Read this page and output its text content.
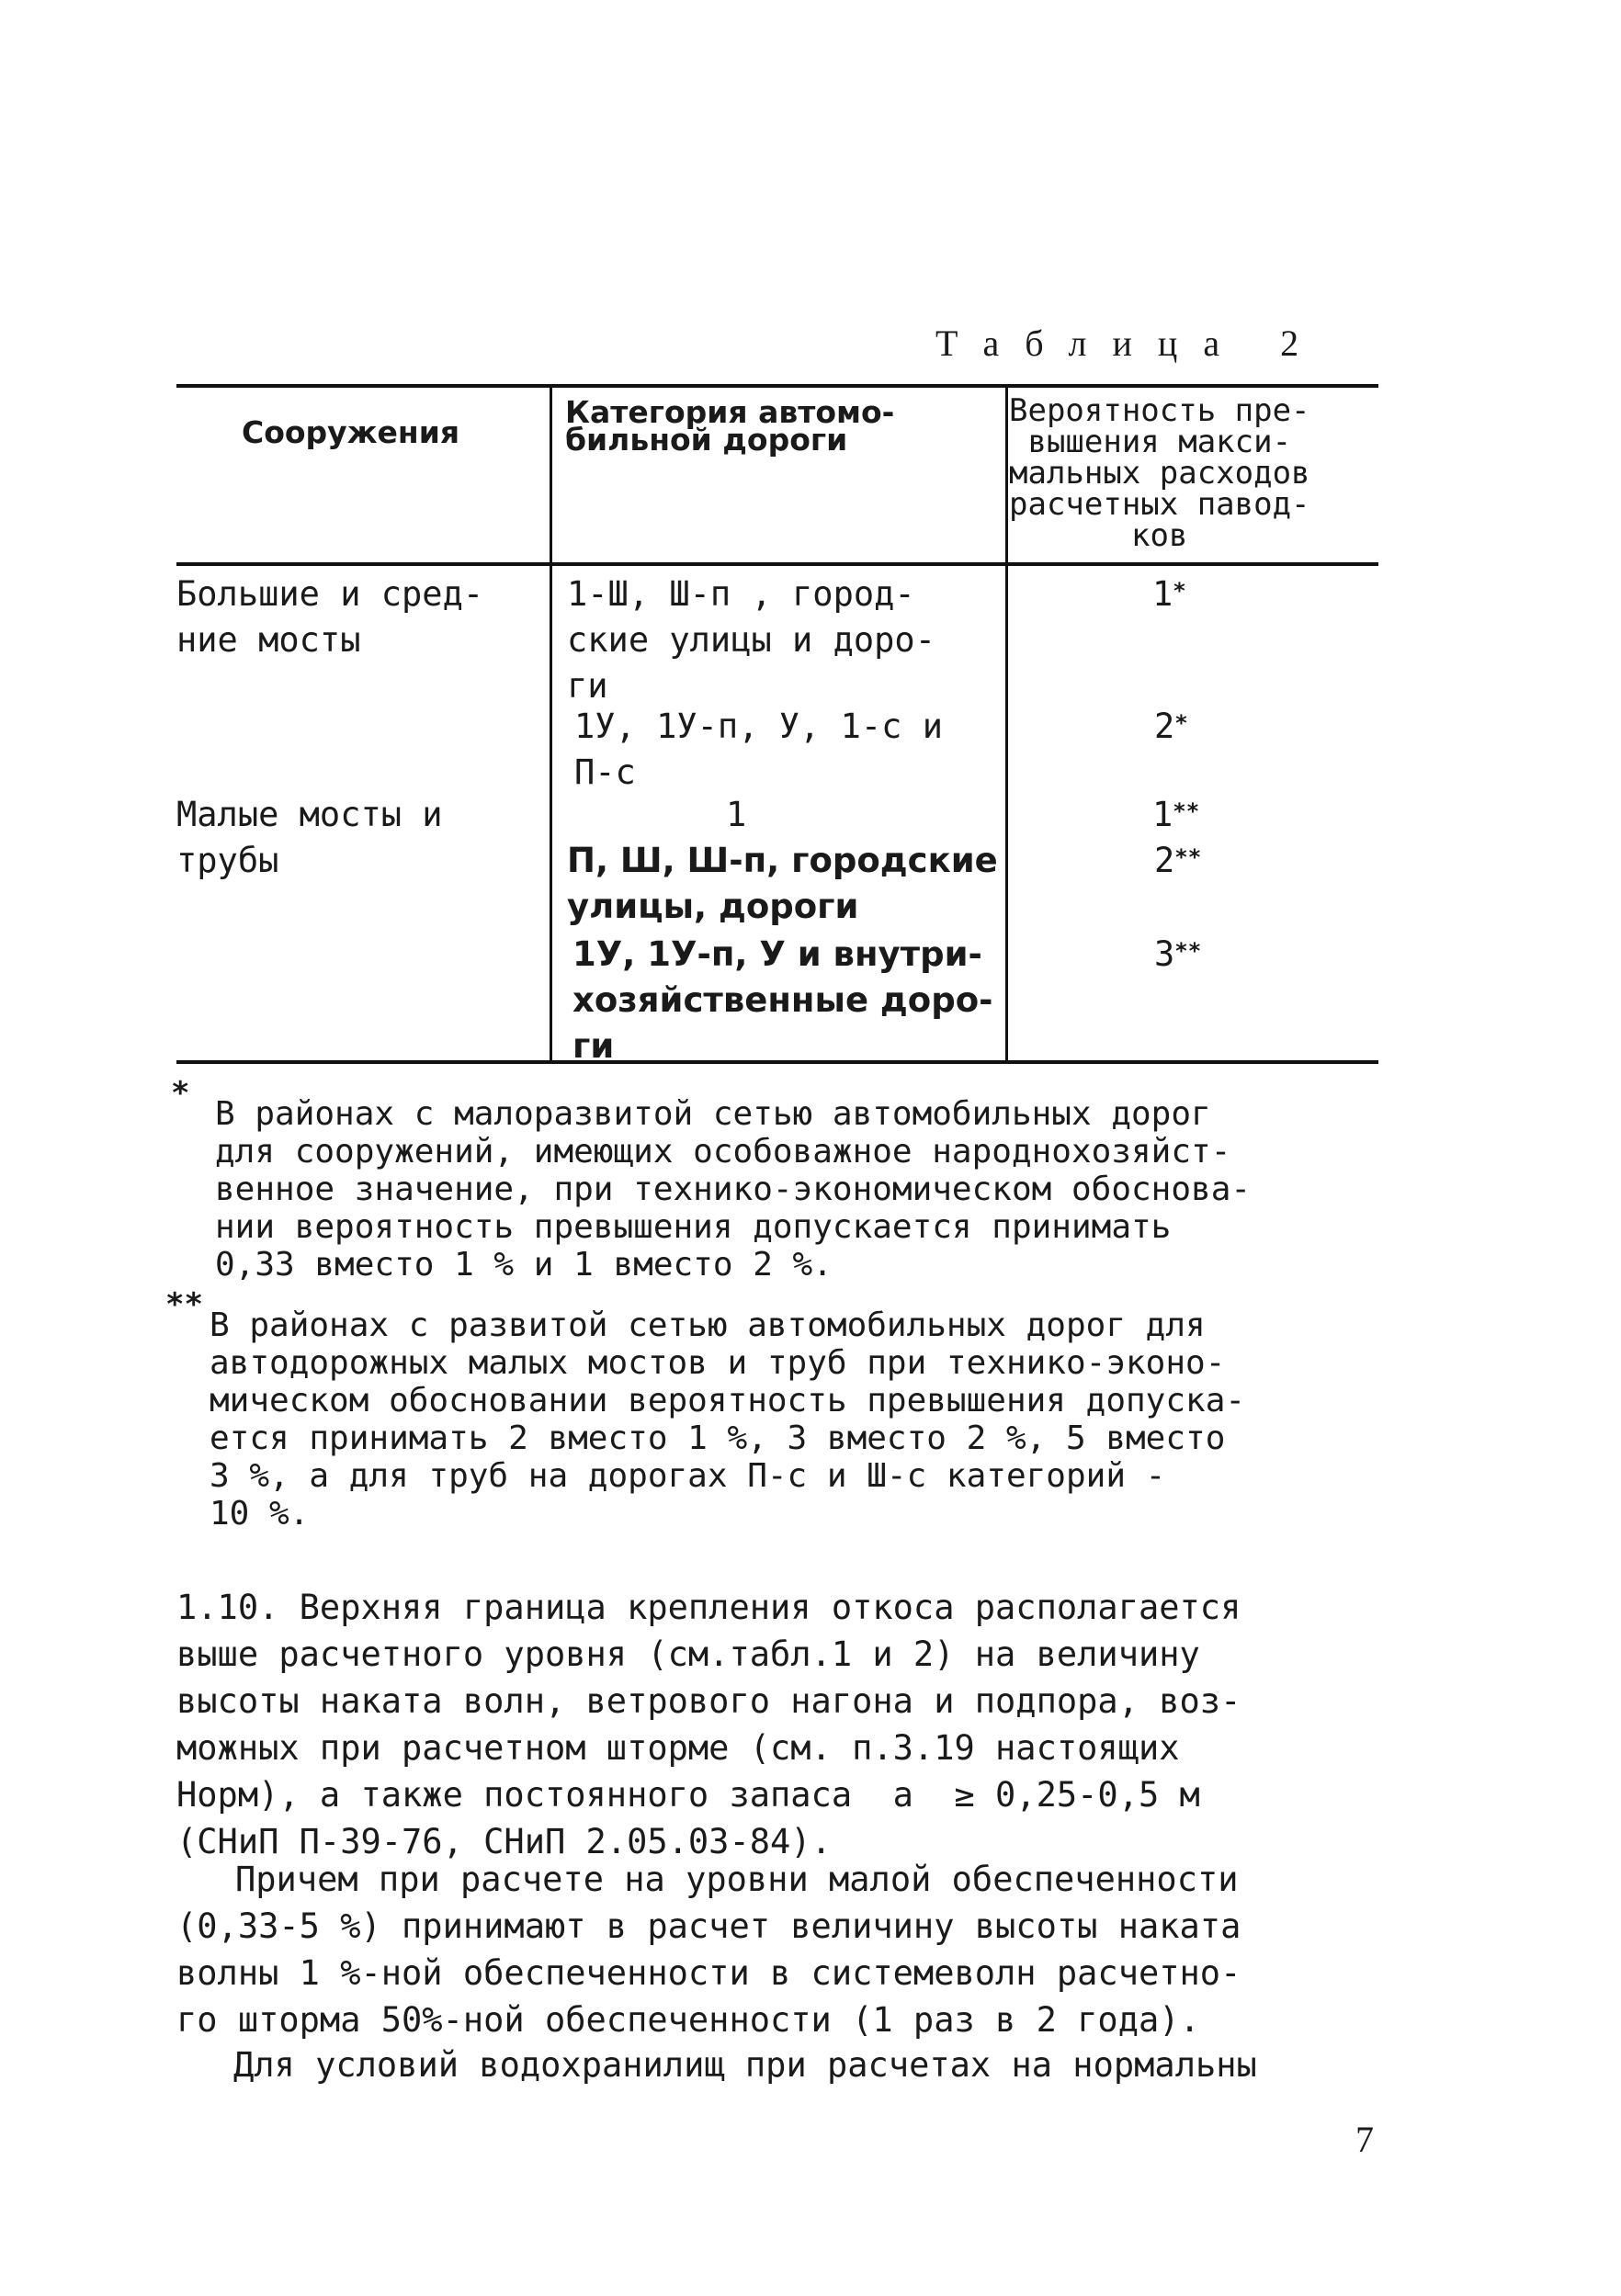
Таблица 2
Сооружения
Категория автомо-
бильной дороги
Вероятность пре-
вышения макси-
мальных расходов
расчетных павод-
ков
Большие и сред-
ние мосты
1-Ш, Ш-п , город-
ские улицы и доро-
ги
1*
1У, 1У-п, У, 1-с и
П-с
2*
Малые мосты и
трубы
1	1**
П, Ш, Ш-п, городские
улицы, дороги
2**
1У, 1У-п, У и внутри-
хозяйственные доро-
ги
3**
*
В районах с малоразвитой сетью автомобильных дорог
для сооружений, имеющих особоважное народнохозяйст-
венное значение, при технико-экономическом обоснова-
нии вероятность превышения допускается принимать
0,33 вместо 1 % и 1 вместо 2 %.
**
В районах с развитой сетью автомобильных дорог для
автодорожных малых мостов и труб при технико-эконо-
мическом обосновании вероятность превышения допуска-
ется принимать 2 вместо 1 %, 3 вместо 2 %, 5 вместо
3 %, а для труб на дорогах П-с и Ш-с категорий -
10 %.
1.10. Верхняя граница крепления откоса располагается
выше расчетного уровня (см.табл.1 и 2) на величину
высоты наката волн, ветрового нагона и подпора, воз-
можных при расчетном шторме (см. п.3.19 настоящих
Норм), а также постоянного запаса  a  ≥ 0,25-0,5 м
(СНиП П-39-76, СНиП 2.05.03-84).
Причем при расчете на уровни малой обеспеченности
(0,33-5 %) принимают в расчет величину высоты наката
волны 1 %-ной обеспеченности в системеволн расчетно-
го шторма 50%-ной обеспеченности (1 раз в 2 года).
Для условий водохранилищ при расчетах на нормальны
7
